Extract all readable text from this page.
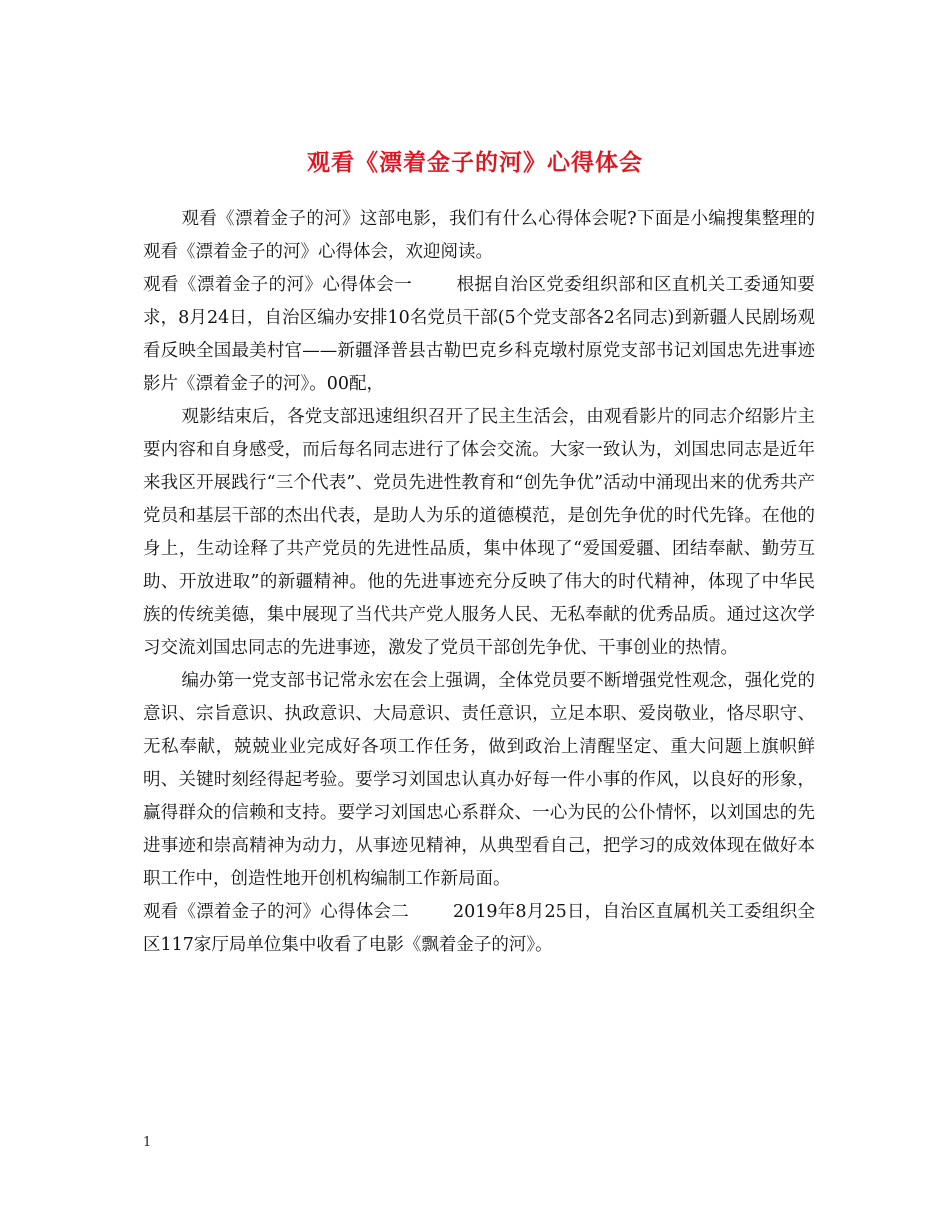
观看《漂着金子的河》心得体会

观看《漂着金子的河》这部电影，我们有什么心得体会呢?下面是小编搜集整理的观看《漂着金子的河》心得体会，欢迎阅读。

观看《漂着金子的河》心得体会一	根据自治区党委组织部和区直机关工委通知要求，8月24日，自治区编办安排10名党员干部(5个党支部各2名同志)到新疆人民剧场观看反映全国最美村官——新疆泽普县古勒巴克乡科克墩村原党支部书记刘国忠先进事迹影片《漂着金子的河》。00配，

观影结束后，各党支部迅速组织召开了民主生活会，由观看影片的同志介绍影片主要内容和自身感受，而后每名同志进行了体会交流。大家一致认为，刘国忠同志是近年来我区开展践行“三个代表”、党员先进性教育和“创先争优”活动中涌现出来的优秀共产党员和基层干部的杰出代表，是助人为乐的道德模范，是创先争优的时代先锋。在他的身上，生动诠释了共产党员的先进性品质，集中体现了“爱国爱疆、团结奉献、勤劳互助、开放进取”的新疆精神。他的先进事迹充分反映了伟大的时代精神，体现了中华民族的传统美德，集中展现了当代共产党人服务人民、无私奉献的优秀品质。通过这次学习交流刘国忠同志的先进事迹，激发了党员干部创先争优、干事创业的热情。

编办第一党支部书记常永宏在会上强调，全体党员要不断增强党性观念，强化党的意识、宗旨意识、执政意识、大局意识、责任意识，立足本职、爱岗敬业，恪尽职守、无私奉献，兢兢业业完成好各项工作任务，做到政治上清醒坚定、重大问题上旗帜鲜明、关键时刻经得起考验。要学习刘国忠认真办好每一件小事的作风，以良好的形象，赢得群众的信赖和支持。要学习刘国忠心系群众、一心为民的公仆情怀，以刘国忠的先进事迹和崇高精神为动力，从事迹见精神，从典型看自己，把学习的成效体现在做好本职工作中，创造性地开创机构编制工作新局面。

观看《漂着金子的河》心得体会二	2019年8月25日，自治区直属机关工委组织全区117家厅局单位集中收看了电影《飘着金子的河》。

1
